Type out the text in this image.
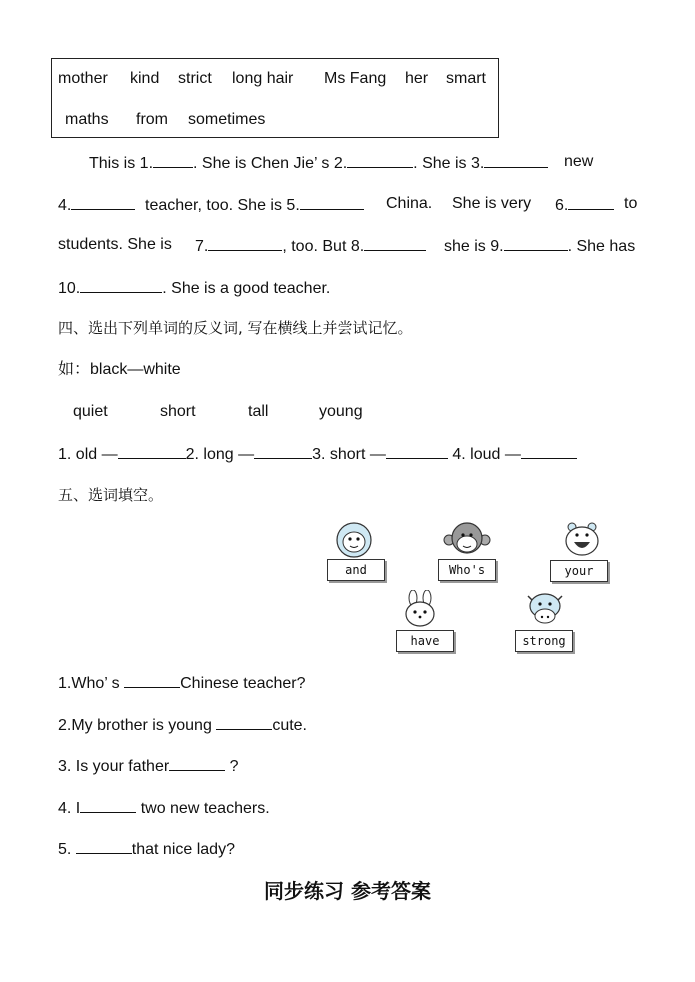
mother kind strict long hair Ms Fang her smart
maths from sometimes
This is 1.	. She is Chen Jie’ s 2.	. She is 3.	new
4.	teacher, too. She is 5.	China. She is very 6.	to
students. She is 7.	, too. But 8.	she is 9.	. She has
10.	. She is a good teacher.
四、选出下列单词的反义词, 写在横线上并尝试记忆。
如：black—white
quiet	short	tall	young
1. old —	2. long —	3. short —	4. loud —
五、选词填空。
and	Who's	your
have	strong
1.Who’ s	Chinese teacher?
2.My brother is young	cute.
3. Is your father	?
4. I	two new teachers.
5.	that nice lady?
同步练习 参考答案
